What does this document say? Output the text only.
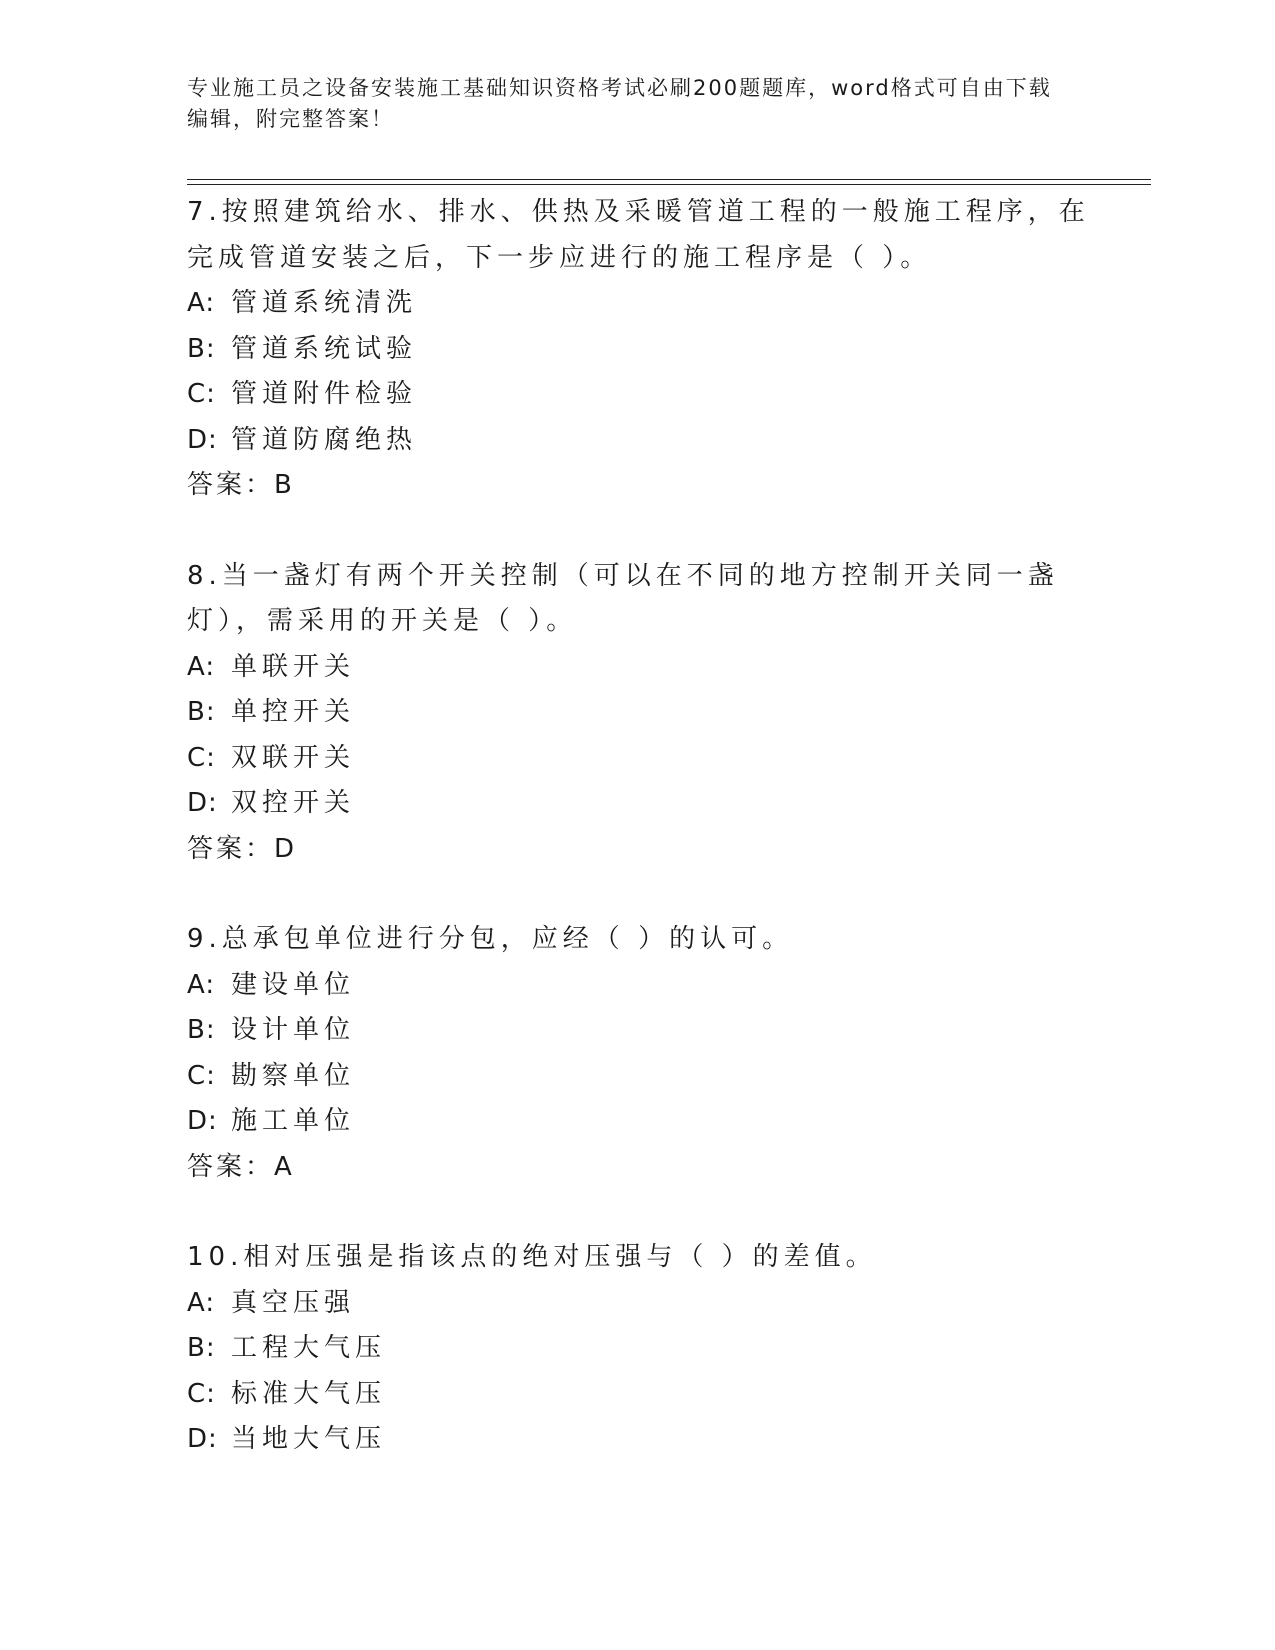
专业施工员之设备安装施工基础知识资格考试必刷200题题库，word格式可自由下载编辑，附完整答案！
7.按照建筑给水、排水、供热及采暖管道工程的一般施工程序，在完成管道安装之后，下一步应进行的施工程序是（ ）。
A: 管道系统清洗
B: 管道系统试验
C: 管道附件检验
D: 管道防腐绝热
答案：B
8.当一盏灯有两个开关控制（可以在不同的地方控制开关同一盏灯），需采用的开关是（ ）。
A: 单联开关
B: 单控开关
C: 双联开关
D: 双控开关
答案：D
9.总承包单位进行分包，应经（ ）的认可。
A: 建设单位
B: 设计单位
C: 勘察单位
D: 施工单位
答案：A
10.相对压强是指该点的绝对压强与（ ）的差值。
A: 真空压强
B: 工程大气压
C: 标准大气压
D: 当地大气压
